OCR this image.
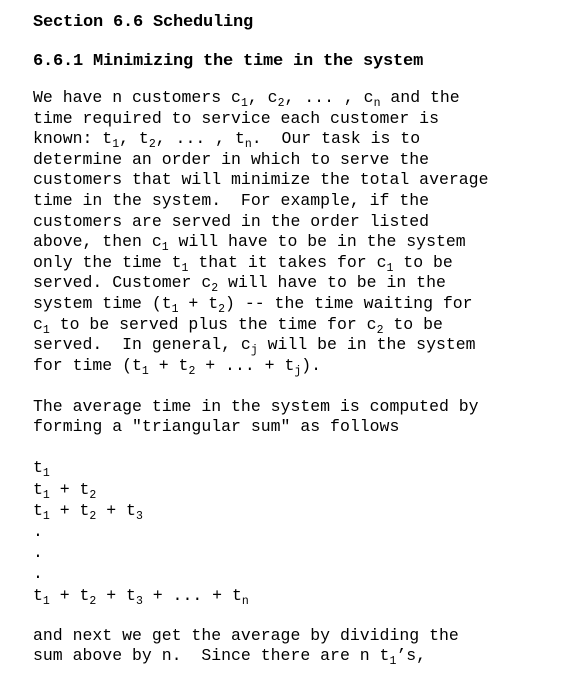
Section 6.6 Scheduling
6.6.1 Minimizing the time in the system
We have n customers $c_1$, $c_2$, ... , $c_n$ and the
time required to service each customer is
known: $t_1$, $t_2$, ... , $t_n$.  Our task is to
determine an order in which to serve the
customers that will minimize the total average
time in the system.  For example, if the
customers are served in the order listed
above, then $c_1$ will have to be in the system
only the time $t_1$ that it takes for $c_1$ to be
served. Customer $c_2$ will have to be in the
system time $(t_1 + t_2)$ -- the time waiting for
$c_1$ to be served plus the time for $c_2$ to be
served.  In general, $c_j$ will be in the system
for time ($t_1 + t_2$ + ... + $t_j$).
The average time in the system is computed by
forming a "triangular sum" as follows
$t_1$
$t_1 + t_2$
$t_1 + t_2 + t_3$
.
.
.
$t_1 + t_2 + t_3$ + ... + $t_n$
and next we get the average by dividing the
sum above by n.  Since there are n $t_1’s$,
